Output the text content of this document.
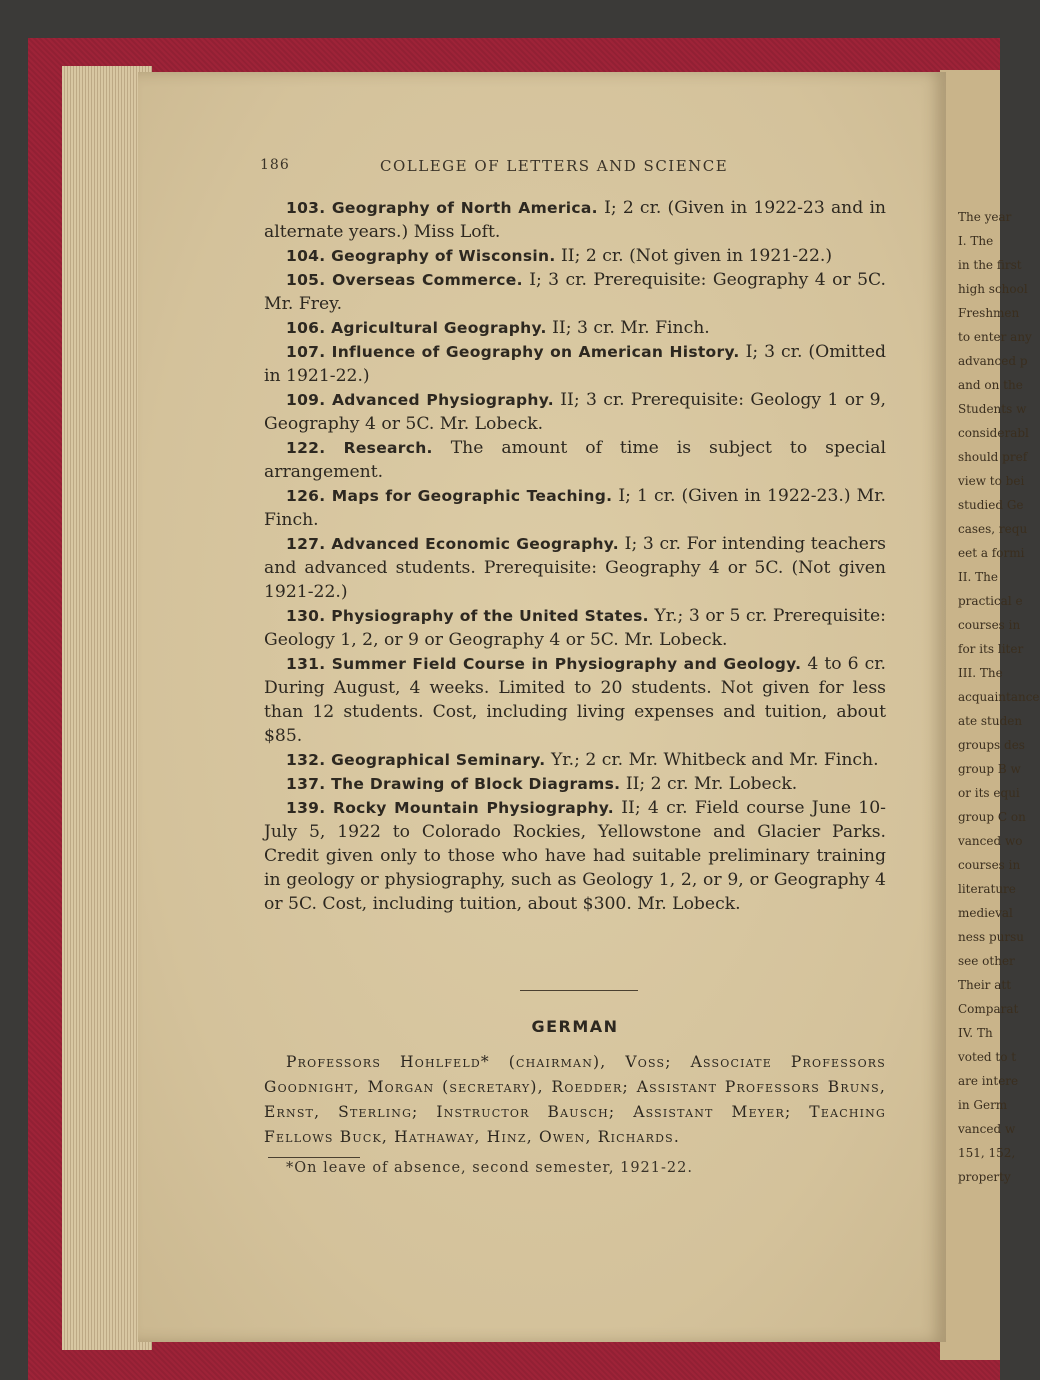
The year
I. The
in the first
high school
Freshmen
to enter any
advanced p
and on the
Students w
considerabl
should pref
view to bei
studied Ge
cases, requ
eet a formi
II. The
practical e
courses in
for its liter
III. The
acquaintance
ate studen
groups des
group B w
or its equi
group C on
vanced wo
courses in
literature
medieval
ness pursu
see other
Their att
Comparat
IV. Th
voted to t
are intere
in Germ
vanced w
151, 152,
property
186	COLLEGE OF LETTERS AND SCIENCE

103. Geography of North America. I; 2 cr. (Given in 1922-23 and in alternate years.) Miss Loft.

104. Geography of Wisconsin. II; 2 cr. (Not given in 1921-22.)

105. Overseas Commerce. I; 3 cr. Prerequisite: Geography 4 or 5C. Mr. Frey.

106. Agricultural Geography. II; 3 cr. Mr. Finch.

107. Influence of Geography on American History. I; 3 cr. (Omitted in 1921-22.)

109. Advanced Physiography. II; 3 cr. Prerequisite: Geology 1 or 9, Geography 4 or 5C. Mr. Lobeck.

122. Research. The amount of time is subject to special arrangement.

126. Maps for Geographic Teaching. I; 1 cr. (Given in 1922-23.) Mr. Finch.

127. Advanced Economic Geography. I; 3 cr. For intending teachers and advanced students. Prerequisite: Geography 4 or 5C. (Not given 1921-22.)

130. Physiography of the United States. Yr.; 3 or 5 cr. Prerequisite: Geology 1, 2, or 9 or Geography 4 or 5C. Mr. Lobeck.

131. Summer Field Course in Physiography and Geology. 4 to 6 cr. During August, 4 weeks. Limited to 20 students. Not given for less than 12 students. Cost, including living expenses and tuition, about $85.

132. Geographical Seminary. Yr.; 2 cr. Mr. Whitbeck and Mr. Finch.

137. The Drawing of Block Diagrams. II; 2 cr. Mr. Lobeck.

139. Rocky Mountain Physiography. II; 4 cr. Field course June 10-July 5, 1922 to Colorado Rockies, Yellowstone and Glacier Parks. Credit given only to those who have had suitable preliminary training in geology or physiography, such as Geology 1, 2, or 9, or Geography 4 or 5C. Cost, including tuition, about $300. Mr. Lobeck.

GERMAN
Professors Hohlfeld* (chairman), Voss; Associate Professors Goodnight, Morgan (secretary), Roedder; Assistant Professors Bruns, Ernst, Sterling; Instructor Bausch; Assistant Meyer; Teaching Fellows Buck, Hathaway, Hinz, Owen, Richards.
*On leave of absence, second semester, 1921-22.
